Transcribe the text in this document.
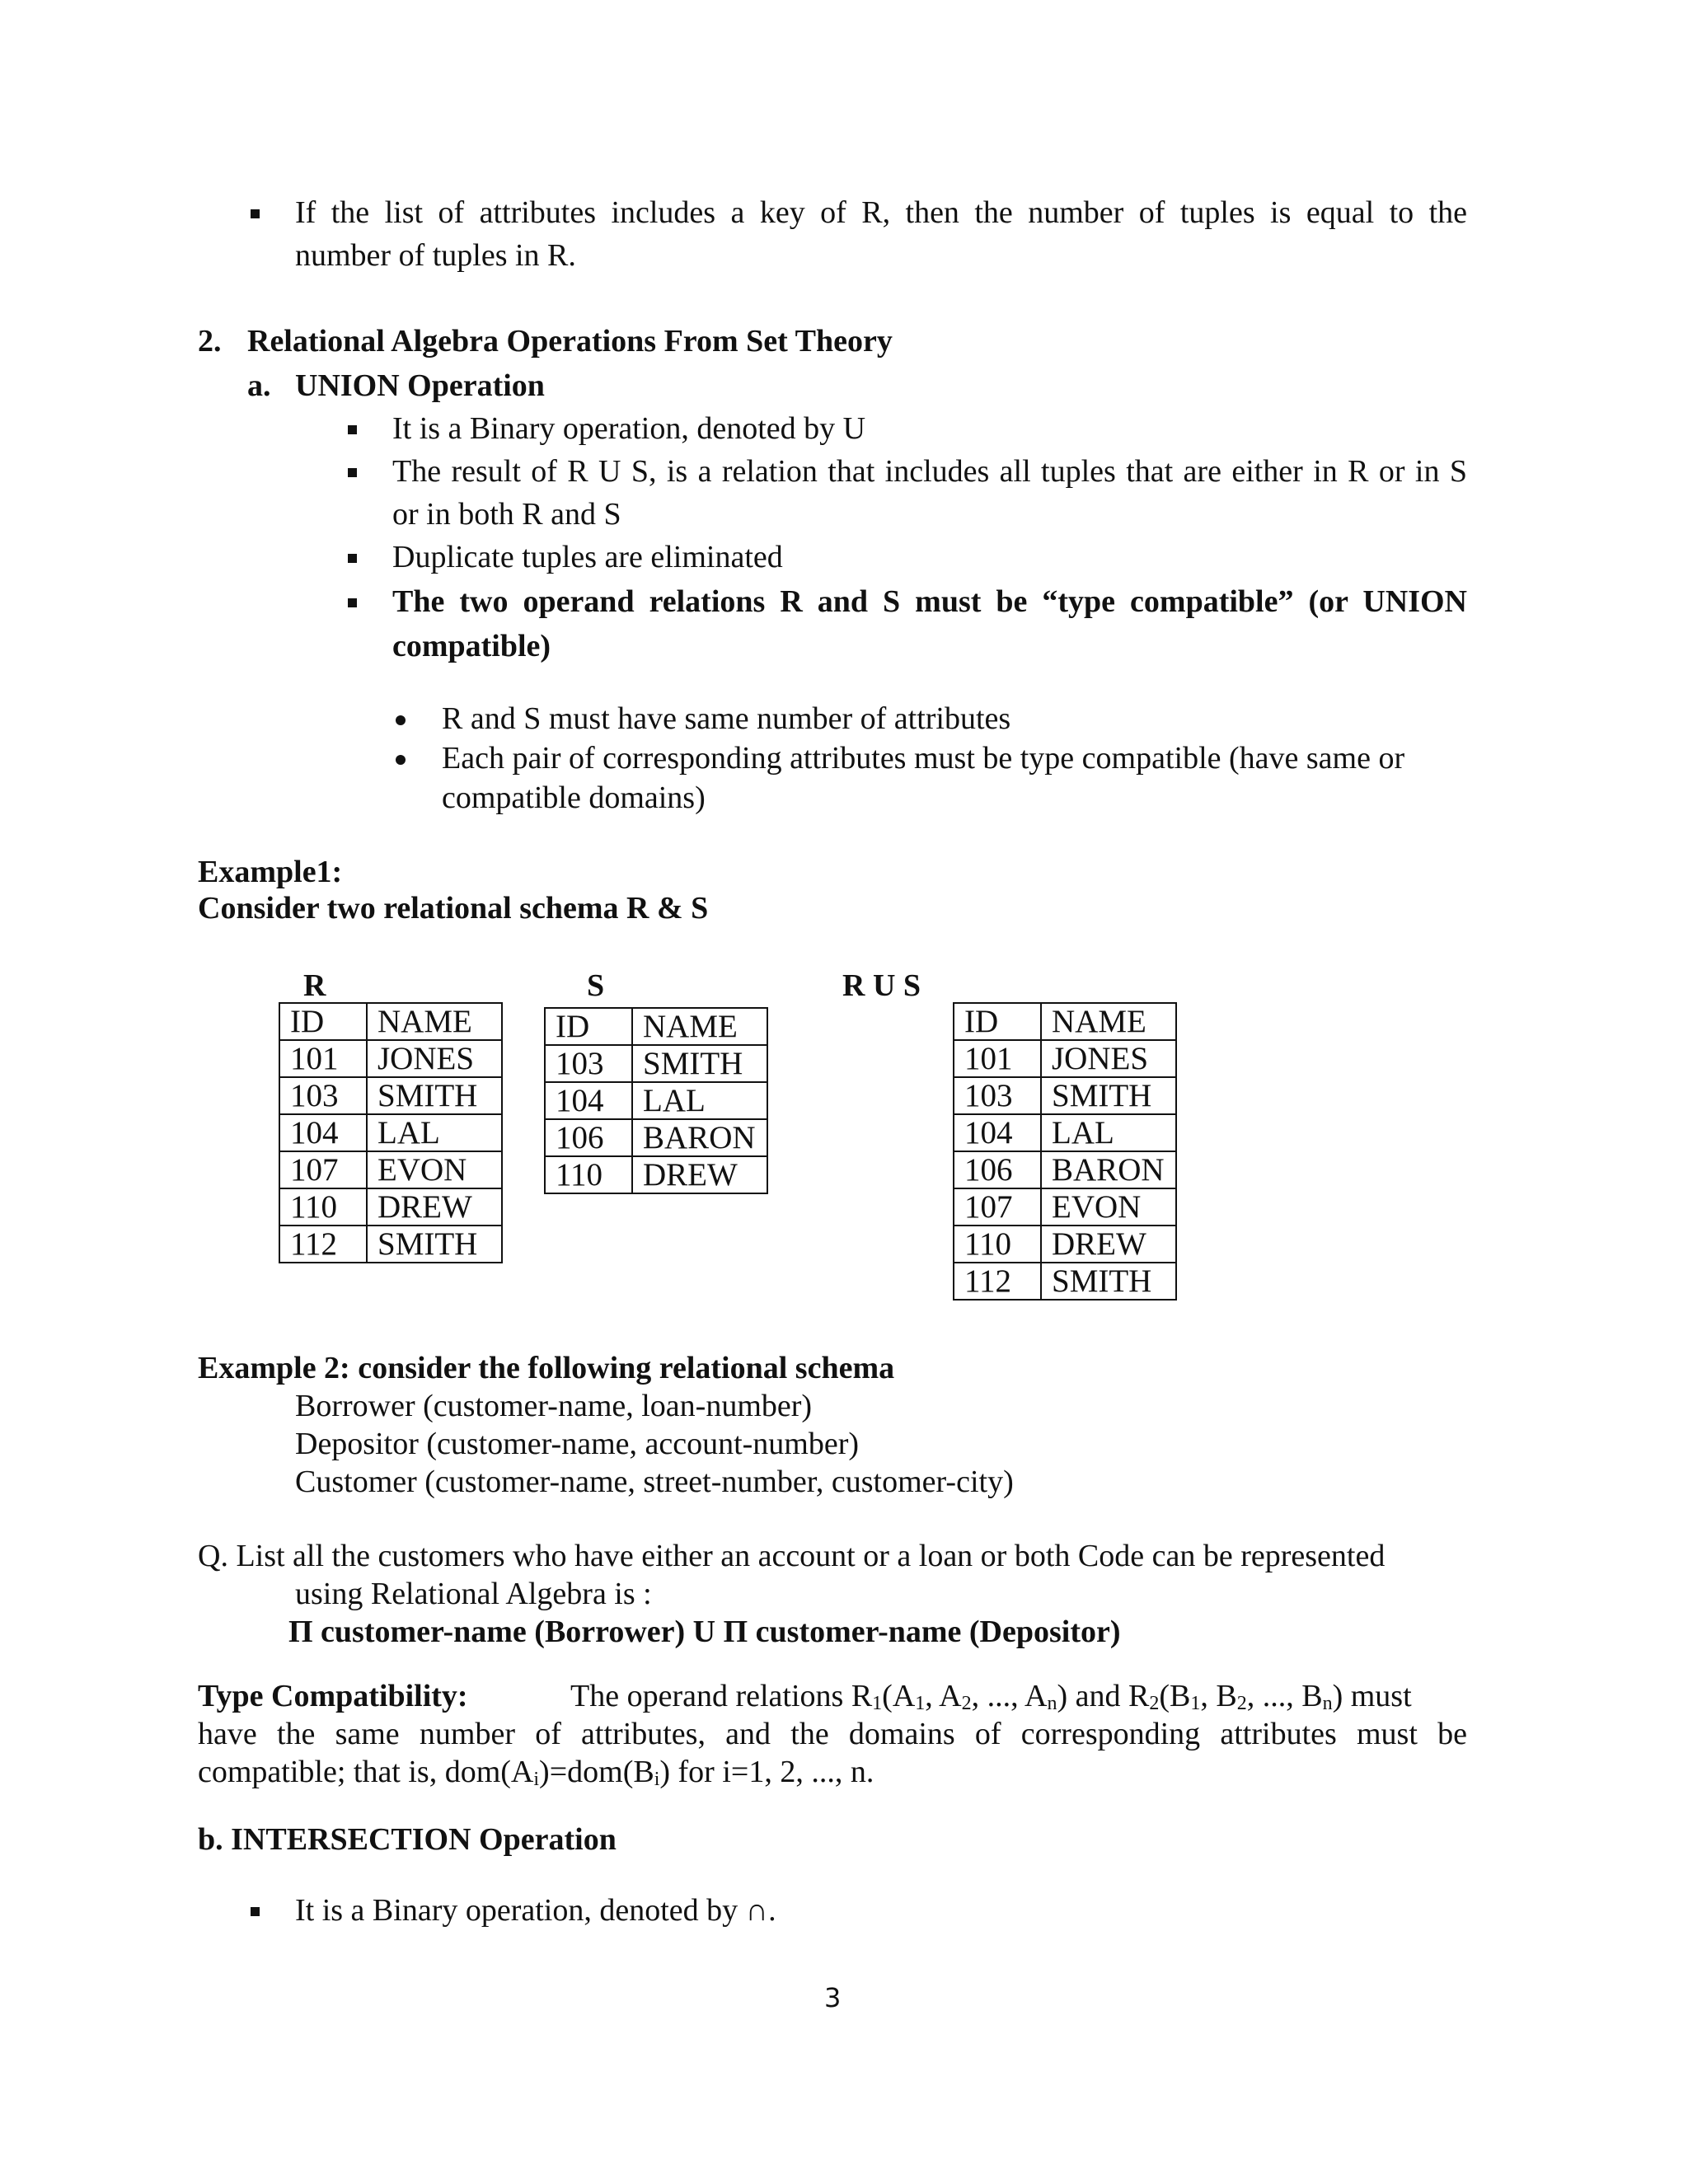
If the list of attributes includes a key of R, then the number of tuples is equal to the
number of tuples in R.
2. Relational Algebra Operations From Set Theory
a. UNION Operation
It is a Binary operation, denoted by U
The result of R U S, is a relation that includes all tuples that are either in R or in S
or in both R and S
Duplicate tuples are eliminated
The two operand relations R and S must be “type compatible” (or UNION
compatible)
R and S must have same number of attributes
Each pair of corresponding attributes must be type compatible (have same or
compatible domains)
Example1:
Consider two relational schema R & S
R	S	R U S
ID	NAME
101	JONES
103	SMITH
104	LAL
107	EVON
110	DREW
112	SMITH
ID	NAME
103	SMITH
104	LAL
106	BARON
110	DREW
ID	NAME
101	JONES
103	SMITH
104	LAL
106	BARON
107	EVON
110	DREW
112	SMITH
Example 2: consider the following relational schema
Borrower (customer-name, loan-number)
Depositor (customer-name, account-number)
Customer (customer-name, street-number, customer-city)
Q. List all the customers who have either an account or a loan or both Code can be represented
using Relational Algebra is :
Π customer-name (Borrower) U Π customer-name (Depositor)
Type Compatibility:	The operand relations $R_1(A_1$, $A_2$, ..., $A_n$) and $R_2(B_1$, $B_2$, ..., $B_n$) must
have the same number of attributes, and the domains of corresponding attributes must be
compatible; that is, $dom(A_i)=dom(B_i)$ for i=1, 2, ..., n.
b. INTERSECTION Operation
It is a Binary operation, denoted by ∩.
3
